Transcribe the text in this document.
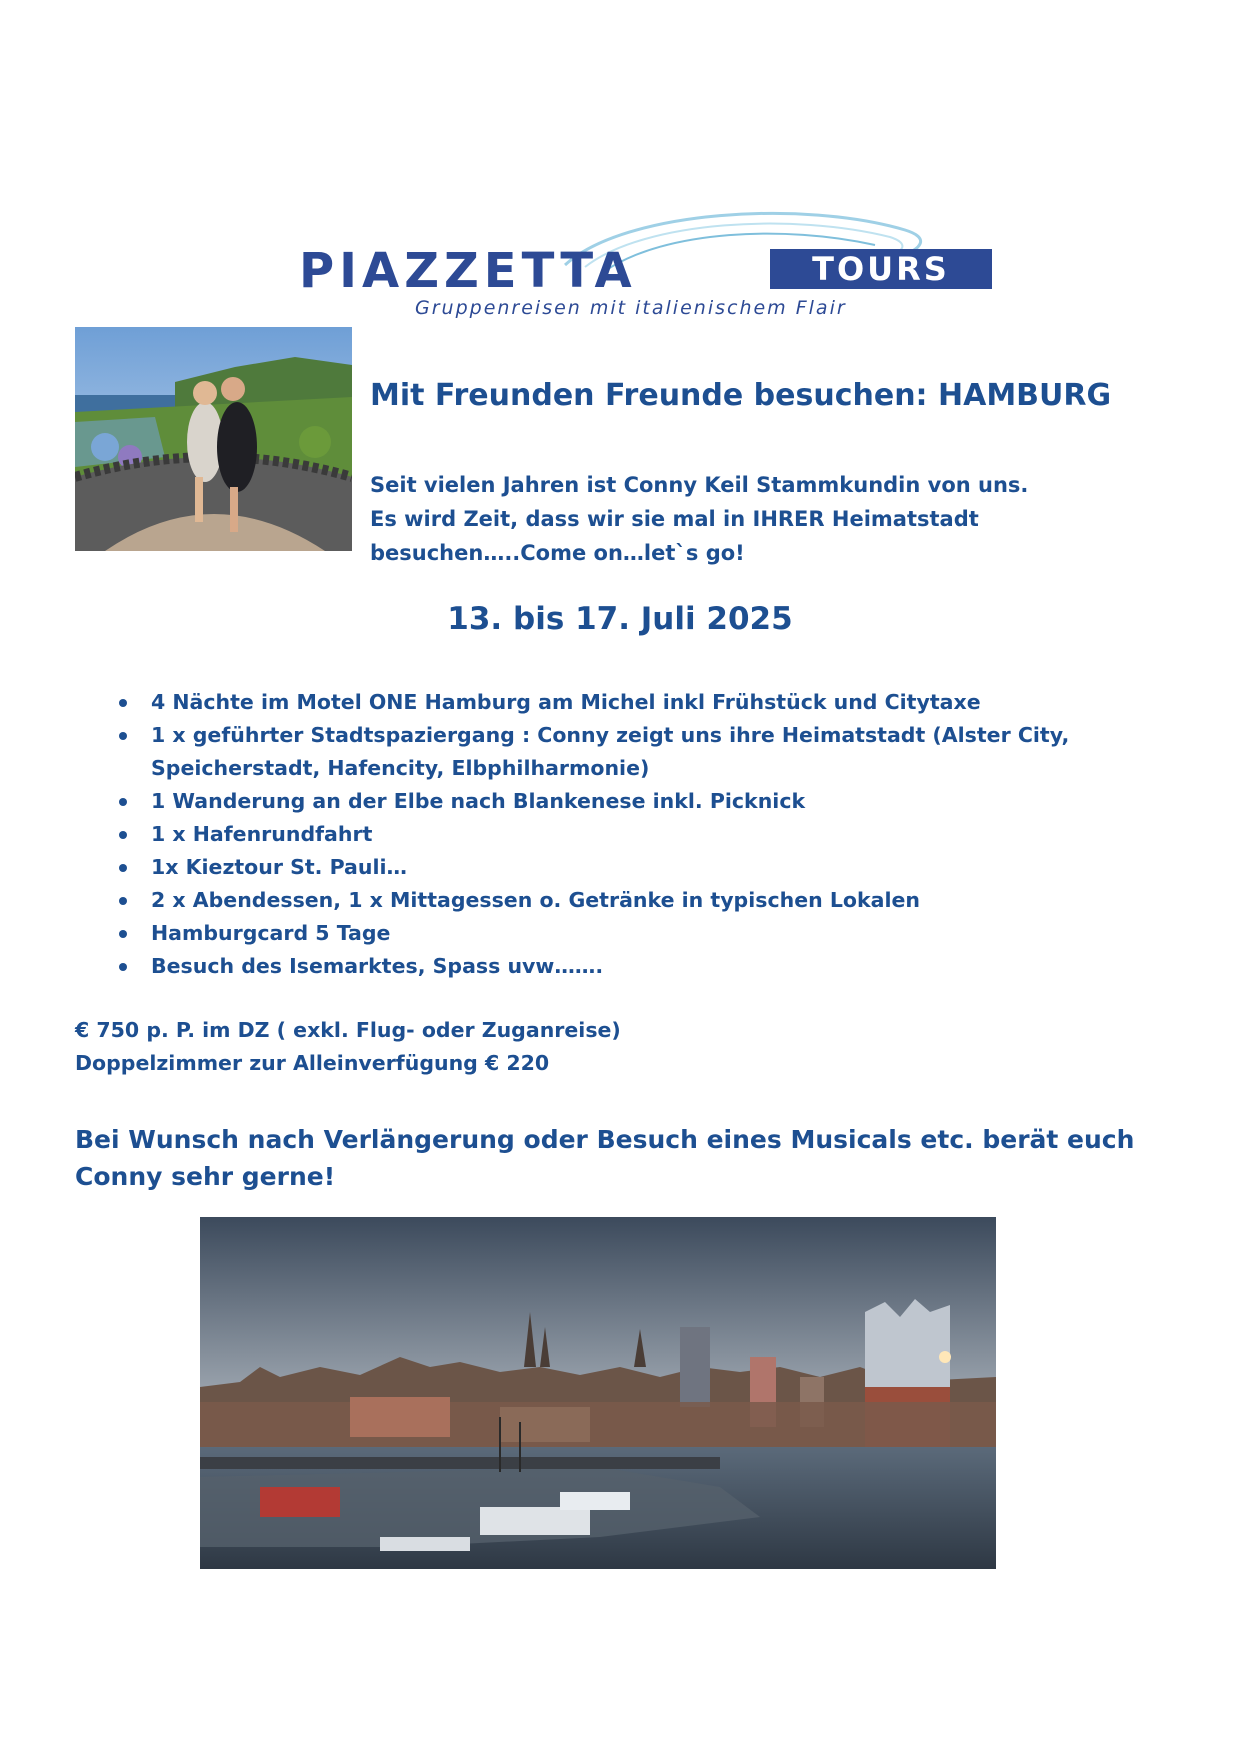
PIAZZETTA	TOURS
Gruppenreisen mit italienischem Flair
Mit Freunden Freunde besuchen: HAMBURG
Seit vielen Jahren ist Conny Keil Stammkundin von uns.
Es wird Zeit, dass wir sie mal in IHRER Heimatstadt
besuchen…..Come on…let`s go!
13. bis 17. Juli 2025
4 Nächte im Motel ONE Hamburg am Michel inkl Frühstück und Citytaxe
1 x geführter Stadtspaziergang : Conny zeigt uns ihre Heimatstadt (Alster City,
Speicherstadt, Hafencity, Elbphilharmonie)
1 Wanderung an der Elbe nach Blankenese inkl. Picknick
1 x Hafenrundfahrt
1x Kieztour St. Pauli…
2 x Abendessen, 1 x Mittagessen o. Getränke in typischen Lokalen
Hamburgcard 5 Tage
Besuch des Isemarktes, Spass uvw…….
€ 750 p. P. im DZ ( exkl. Flug- oder Zuganreise)
Doppelzimmer zur Alleinverfügung € 220
Bei Wunsch nach Verlängerung oder Besuch eines Musicals etc. berät euch Conny sehr gerne!
